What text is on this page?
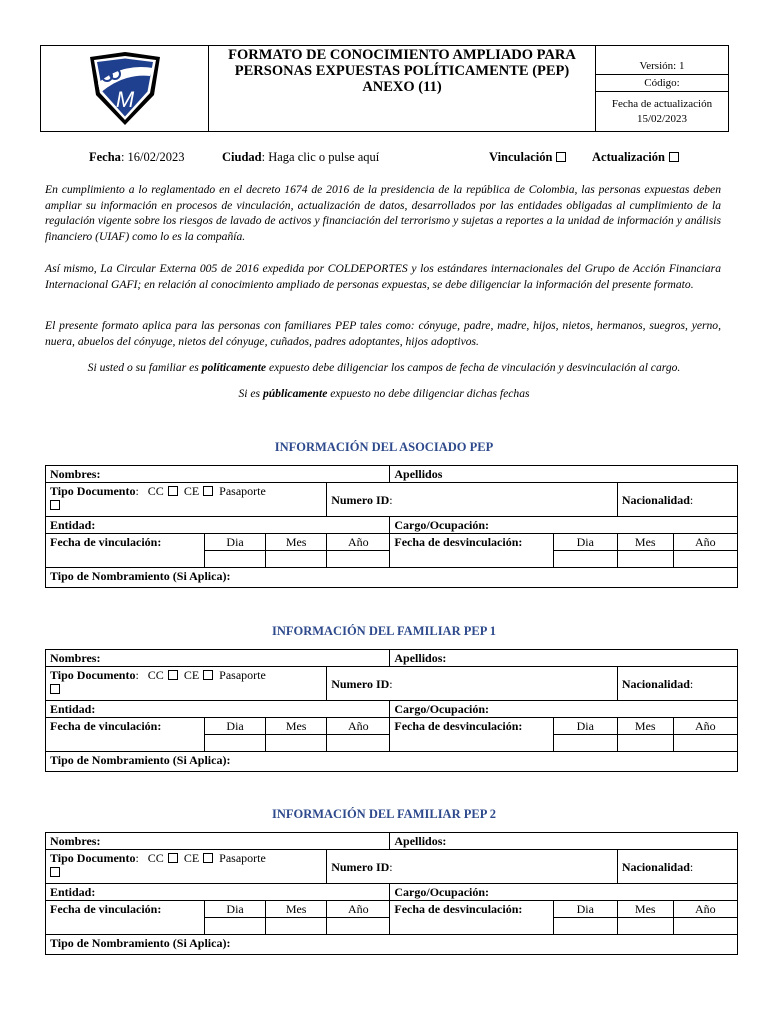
M
FORMATO DE CONOCIMIENTO AMPLIADO PARA
PERSONAS EXPUESTAS POLÍTICAMENTE (PEP)
ANEXO (11)
Versión: 1
Código:
Fecha de actualización
15/02/2023
Fecha: 16/02/2023	Ciudad: Haga clic o pulse aquí	Vinculación	Actualización
En cumplimiento a lo reglamentado en el decreto 1674 de 2016 de la presidencia de la república de Colombia, las personas expuestas deben ampliar su información en procesos de vinculación, actualización de datos, desarrollados por las entidades obligadas al cumplimiento de la regulación vigente sobre los riesgos de lavado de activos y financiación del terrorismo y sujetas a reportes a la unidad de información y análisis financiero (UIAF) como lo es la compañía.
Así mismo, La Circular Externa 005 de 2016 expedida por COLDEPORTES y los estándares internacionales del Grupo de Acción Financiara Internacional GAFI; en relación al conocimiento ampliado de personas expuestas, se debe diligenciar la información del presente formato.
El presente formato aplica para las personas con familiares PEP tales como: cónyuge, padre, madre, hijos, nietos, hermanos, suegros, yerno, nuera, abuelos del cónyuge, nietos del cónyuge, cuñados, padres adoptantes, hijos adoptivos.
Si usted o su familiar es políticamente expuesto debe diligenciar los campos de fecha de vinculación y desvinculación al cargo.
Si es públicamente expuesto no debe diligenciar dichas fechas
INFORMACIÓN DEL ASOCIADO PEP
Nombres:				Apellidos			
Tipo Documento:   CC CE Pasaporte			Numero ID:			Nacionalidad:	
Entidad:				Cargo/Ocupación:			
Fecha de vinculación:	Dia	Mes	Año	Fecha de desvinculación:	Dia	Mes	Año

Tipo de Nombramiento (Si Aplica):							
INFORMACIÓN DEL FAMILIAR PEP 1
Nombres:				Apellidos:			
Tipo Documento:   CC CE Pasaporte			Numero ID:			Nacionalidad:	
Entidad:				Cargo/Ocupación:			
Fecha de vinculación:	Dia	Mes	Año	Fecha de desvinculación:	Dia	Mes	Año

Tipo de Nombramiento (Si Aplica):							
INFORMACIÓN DEL FAMILIAR PEP 2
Nombres:				Apellidos:			
Tipo Documento:   CC CE Pasaporte			Numero ID:			Nacionalidad:	
Entidad:				Cargo/Ocupación:			
Fecha de vinculación:	Dia	Mes	Año	Fecha de desvinculación:	Dia	Mes	Año

Tipo de Nombramiento (Si Aplica):							
